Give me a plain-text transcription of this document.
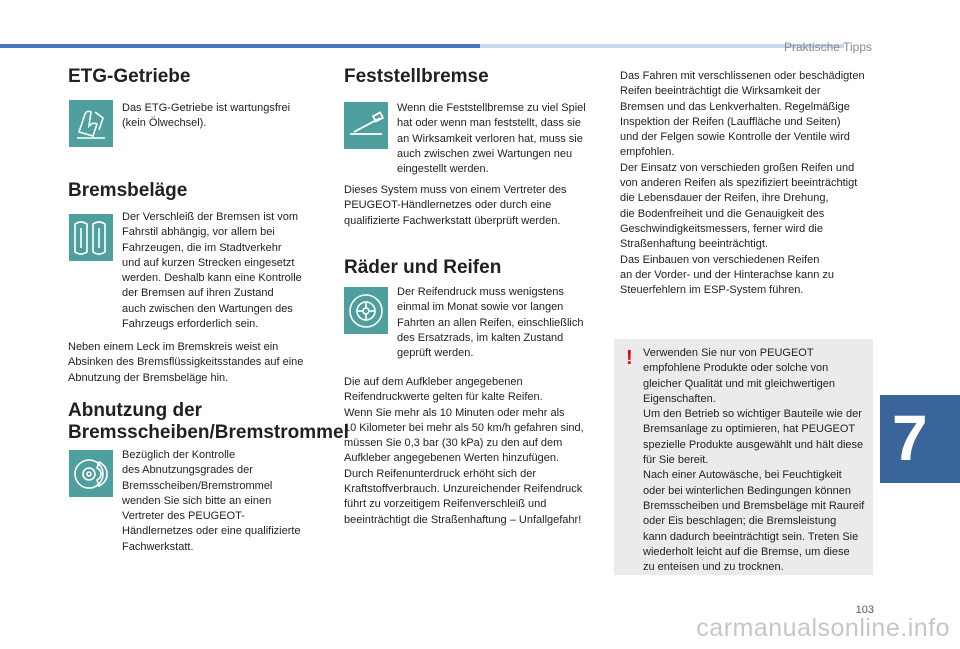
Praktische Tipps
ETG-Getriebe

Das ETG-Getriebe ist wartungsfrei
(kein Ölwechsel).

Bremsbeläge

Der Verschleiß der Bremsen ist vom
Fahrstil abhängig, vor allem bei
Fahrzeugen, die im Stadtverkehr
und auf kurzen Strecken eingesetzt
werden. Deshalb kann eine Kontrolle
der Bremsen auf ihren Zustand
auch zwischen den Wartungen des
Fahrzeugs erforderlich sein.

Neben einem Leck im Bremskreis weist ein
Absinken des Bremsflüssigkeitsstandes auf eine
Abnutzung der Bremsbeläge hin.

Abnutzung der
Bremsscheiben/Bremstrommel

Bezüglich der Kontrolle
des Abnutzungsgrades der
Bremsscheiben/Bremstrommel
wenden Sie sich bitte an einen
Vertreter des PEUGEOT-
Händlernetzes oder eine qualifizierte
Fachwerkstatt.

Feststellbremse

Wenn die Feststellbremse zu viel Spiel
hat oder wenn man feststellt, dass sie
an Wirksamkeit verloren hat, muss sie
auch zwischen zwei Wartungen neu
eingestellt werden.

Dieses System muss von einem Vertreter des
PEUGEOT-Händlernetzes oder durch eine
qualifizierte Fachwerkstatt überprüft werden.

Räder und Reifen

Der Reifendruck muss wenigstens
einmal im Monat sowie vor langen
Fahrten an allen Reifen, einschließlich
des Ersatzrads, im kalten Zustand
geprüft werden.

Die auf dem Aufkleber angegebenen
Reifendruckwerte gelten für kalte Reifen.
Wenn Sie mehr als 10 Minuten oder mehr als
10 Kilometer bei mehr als 50 km/h gefahren sind,
müssen Sie 0,3 bar (30 kPa) zu den auf dem
Aufkleber angegebenen Werten hinzufügen.
Durch Reifenunterdruck erhöht sich der
Kraftstoffverbrauch. Unzureichender Reifendruck
führt zu vorzeitigem Reifenverschleiß und
beeinträchtigt die Straßenhaftung – Unfallgefahr!

Das Fahren mit verschlissenen oder beschädigten
Reifen beeinträchtigt die Wirksamkeit der
Bremsen und das Lenkverhalten. Regelmäßige
Inspektion der Reifen (Lauffläche und Seiten)
und der Felgen sowie Kontrolle der Ventile wird
empfohlen.
Der Einsatz von verschieden großen Reifen und
von anderen Reifen als spezifiziert beeinträchtigt
die Lebensdauer der Reifen, ihre Drehung,
die Bodenfreiheit und die Genauigkeit des
Geschwindigkeitsmessers, ferner wird die
Straßenhaftung beeinträchtigt.
Das Einbauen von verschiedenen Reifen
an der Vorder- und der Hinterachse kann zu
Steuerfehlern im ESP-System führen.

! Verwenden Sie nur von PEUGEOT
empfohlene Produkte oder solche von
gleicher Qualität und mit gleichwertigen
Eigenschaften.
Um den Betrieb so wichtiger Bauteile wie der
Bremsanlage zu optimieren, hat PEUGEOT
spezielle Produkte ausgewählt und hält diese
für Sie bereit.
Nach einer Autowäsche, bei Feuchtigkeit
oder bei winterlichen Bedingungen können
Bremsscheiben und Bremsbeläge mit Raureif
oder Eis beschlagen; die Bremsleistung
kann dadurch beeinträchtigt sein. Treten Sie
wiederholt leicht auf die Bremse, um diese
zu enteisen und zu trocknen.

7
103
carmanualsonline.info
